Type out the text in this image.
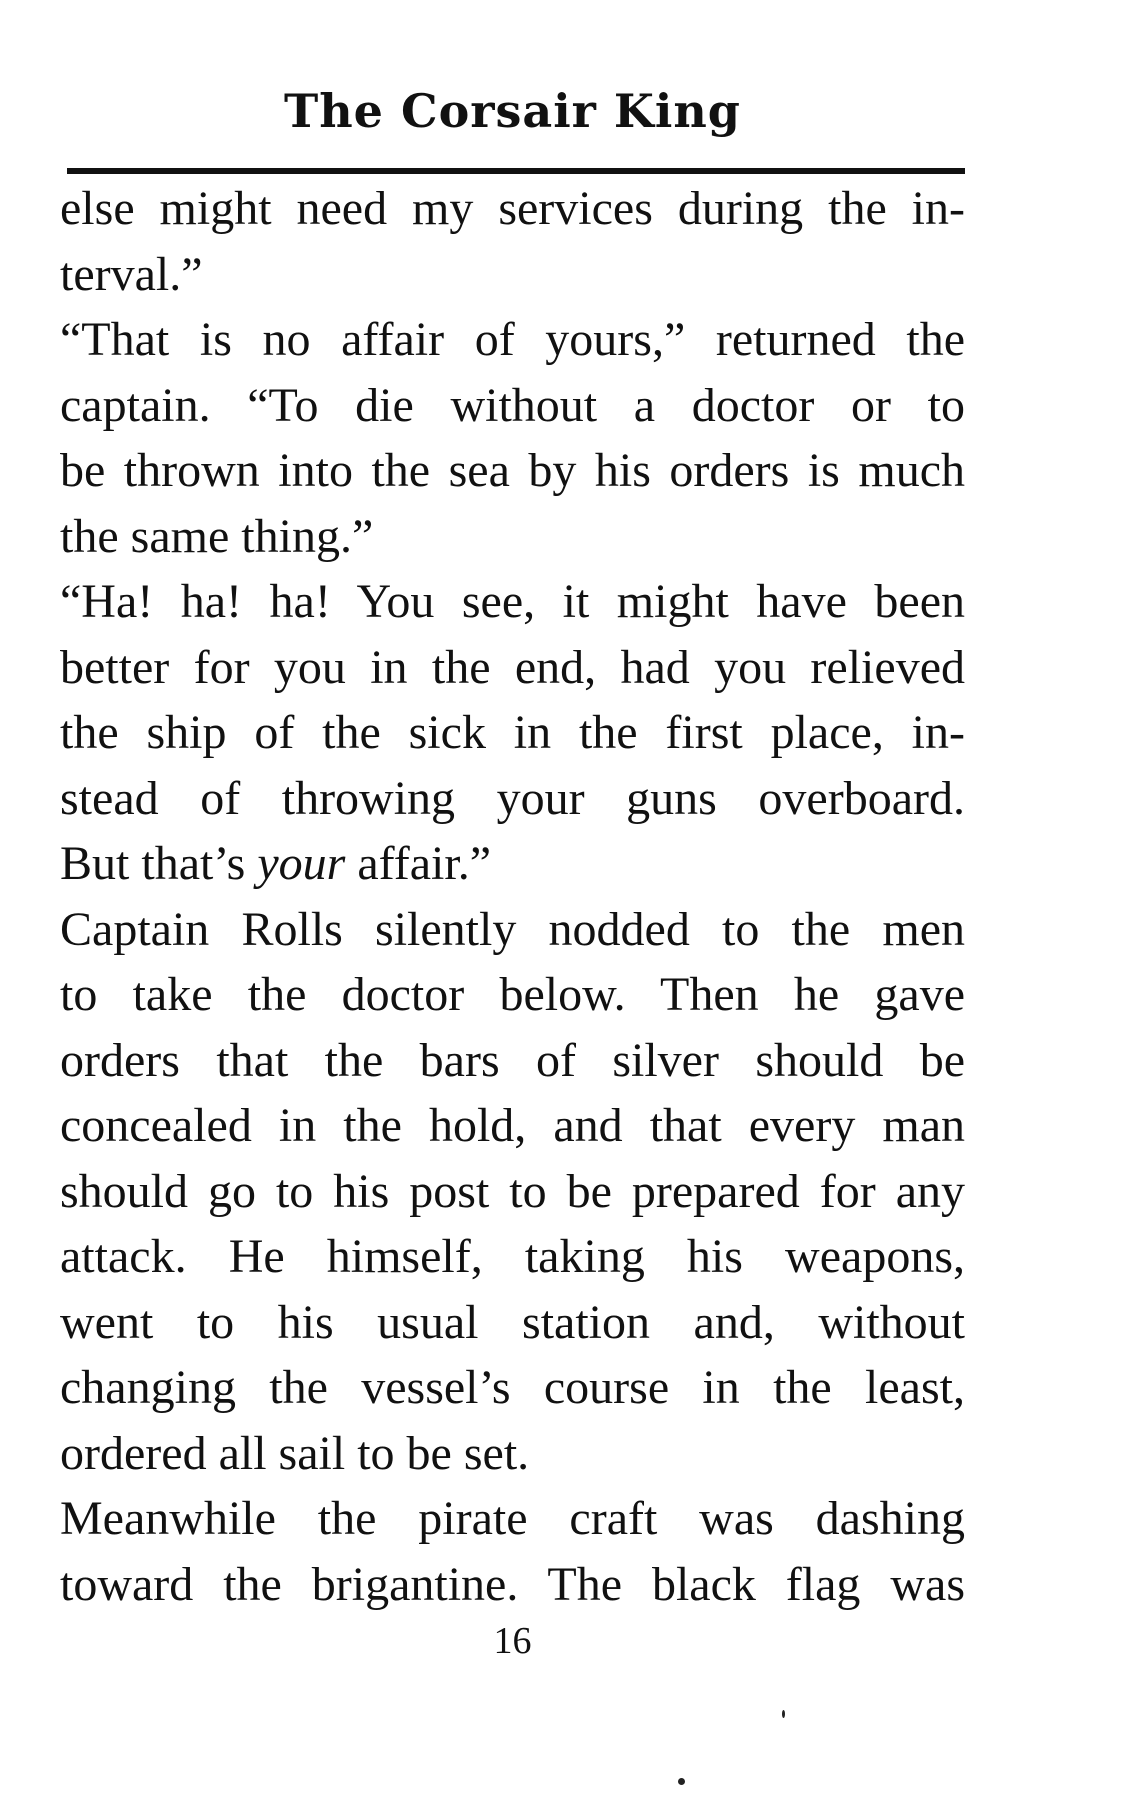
The Corsair King
else might need my services during the in-
terval.”
“That is no affair of yours,” returned the
captain. “To die without a doctor or to
be thrown into the sea by his orders is much
the same thing.”
“Ha! ha! ha! You see, it might have been
better for you in the end, had you relieved
the ship of the sick in the first place, in-
stead of throwing your guns overboard.
But that’s your affair.”
Captain Rolls silently nodded to the men
to take the doctor below. Then he gave
orders that the bars of silver should be
concealed in the hold, and that every man
should go to his post to be prepared for any
attack. He himself, taking his weapons,
went to his usual station and, without
changing the vessel’s course in the least,
ordered all sail to be set.
Meanwhile the pirate craft was dashing
toward the brigantine. The black flag was
16
